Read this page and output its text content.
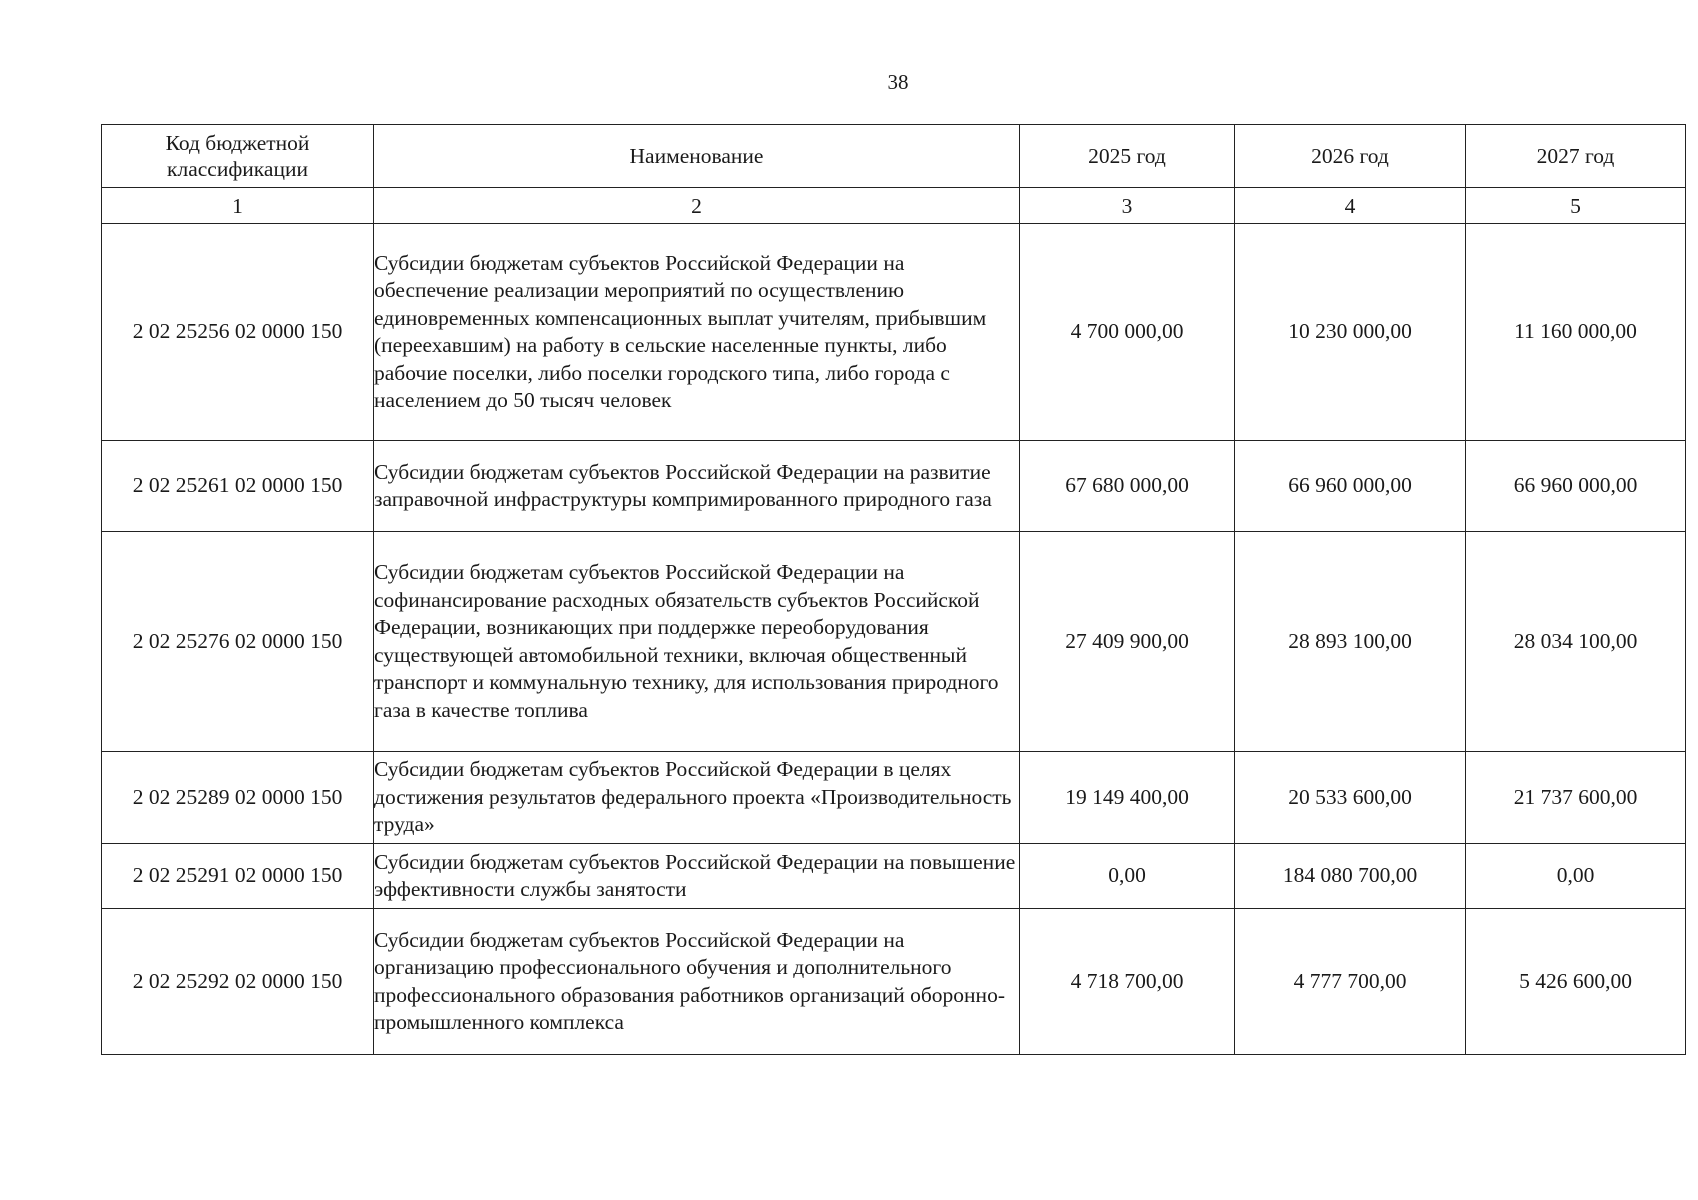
38
Код бюджетной классификации	Наименование	2025 год	2026 год	2027 год
1	2	3	4	5
2 02 25256 02 0000 150	Субсидии бюджетам субъектов Российской Федерации на обеспечение реализации мероприятий по осуществлению единовременных компенсационных выплат учителям, прибывшим (переехавшим) на работу в сельские населенные пункты, либо рабочие поселки, либо поселки городского типа, либо города с населением до 50 тысяч человек	4 700 000,00	10 230 000,00	11 160 000,00
2 02 25261 02 0000 150	Субсидии бюджетам субъектов Российской Федерации на развитие заправочной инфраструктуры компримированного природного газа	67 680 000,00	66 960 000,00	66 960 000,00
2 02 25276 02 0000 150	Субсидии бюджетам субъектов Российской Федерации на софинансирование расходных обязательств субъектов Российской Федерации, возникающих при поддержке переоборудования существующей автомобильной техники, включая общественный транспорт и коммунальную технику, для использования природного газа в качестве топлива	27 409 900,00	28 893 100,00	28 034 100,00
2 02 25289 02 0000 150	Субсидии бюджетам субъектов Российской Федерации в целях достижения результатов федерального проекта «Производительность труда»	19 149 400,00	20 533 600,00	21 737 600,00
2 02 25291 02 0000 150	Субсидии бюджетам субъектов Российской Федерации на повышение эффективности службы занятости	0,00	184 080 700,00	0,00
2 02 25292 02 0000 150	Субсидии бюджетам субъектов Российской Федерации на организацию профессионального обучения и дополнительного профессионального образования работников организаций оборонно-промышленного комплекса	4 718 700,00	4 777 700,00	5 426 600,00
